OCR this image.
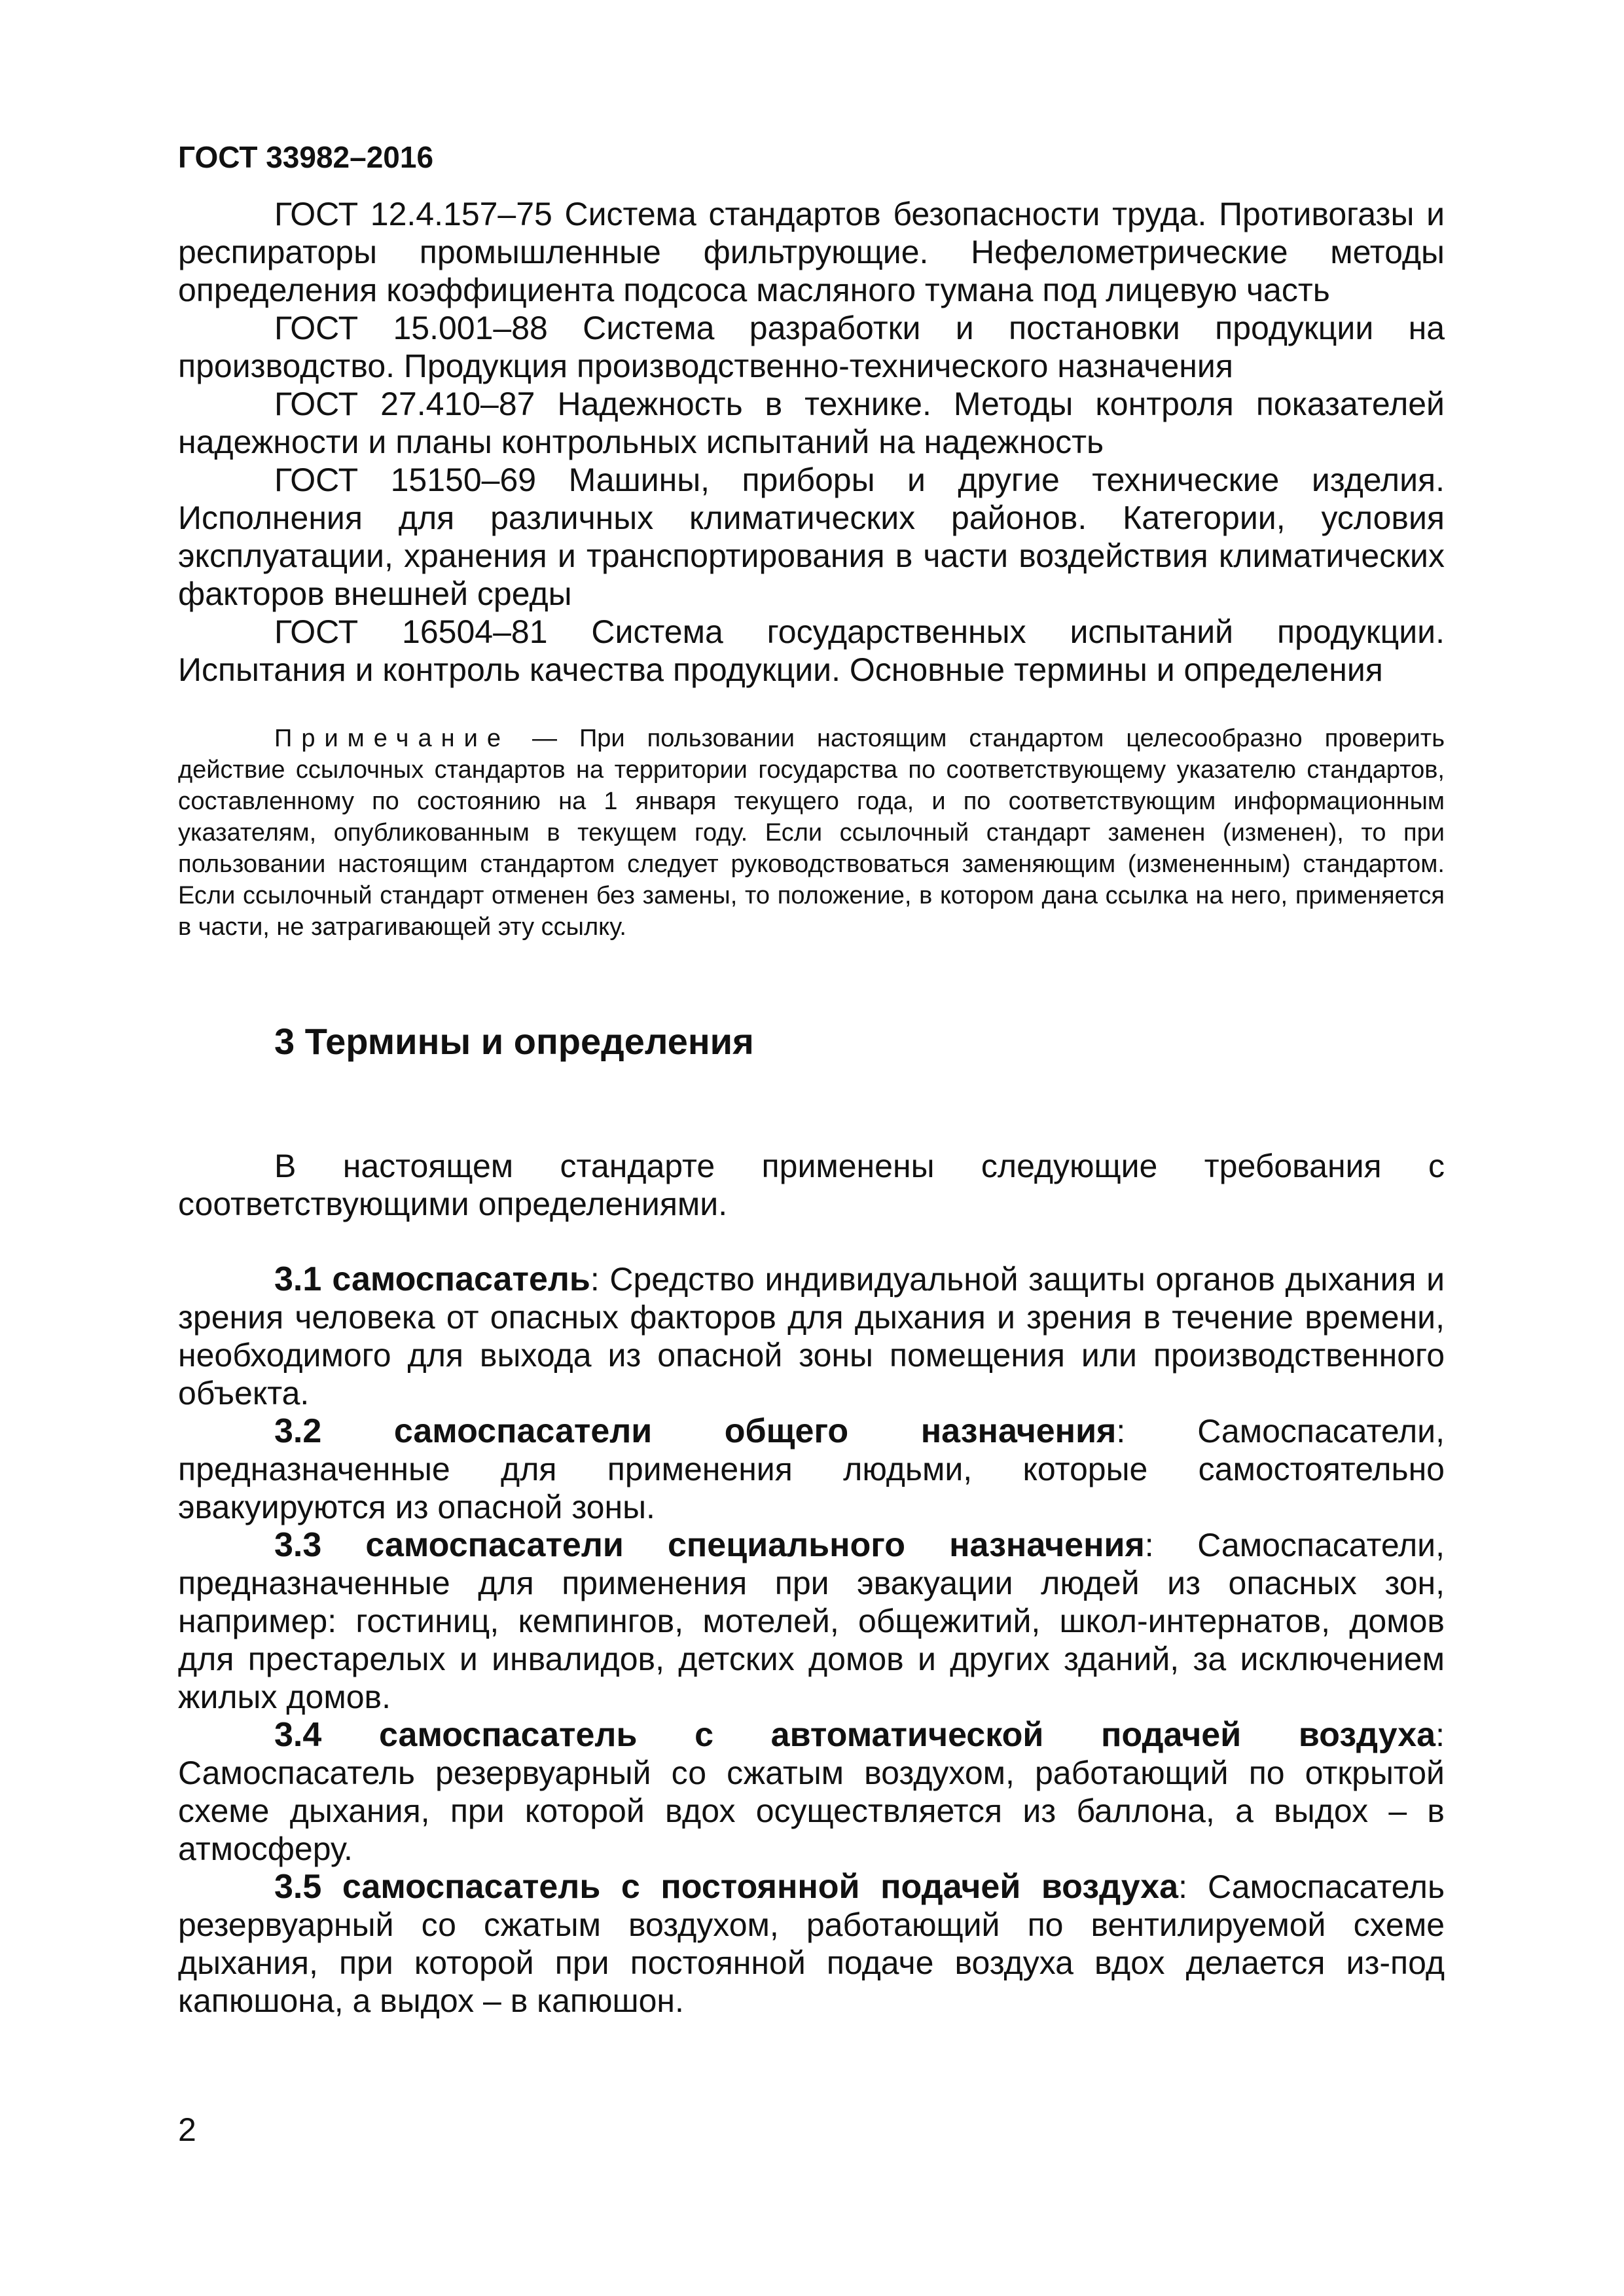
ГОСТ 33982–2016

ГОСТ 12.4.157–75 Система стандартов безопасности труда. Противогазы и респираторы промышленные фильтрующие. Нефелометрические методы определения коэффициента подсоса масляного тумана под лицевую часть

ГОСТ 15.001–88 Система разработки и постановки продукции на производство. Продукция производственно-технического назначения

ГОСТ 27.410–87 Надежность в технике. Методы контроля показателей надежности и планы контрольных испытаний на надежность

ГОСТ 15150–69 Машины, приборы и другие технические изделия. Исполнения для различных климатических районов. Категории, условия эксплуатации, хранения и транспортирования в части воздействия климатических факторов внешней среды

ГОСТ 16504–81 Система государственных испытаний продукции. Испытания и контроль качества продукции. Основные термины и определения

Примечание — При пользовании настоящим стандартом целесообразно проверить действие ссылочных стандартов на территории государства по соответствующему указателю стандартов, составленному по состоянию на 1 января текущего года, и по соответствующим информационным указателям, опубликованным в текущем году. Если ссылочный стандарт заменен (изменен), то при пользовании настоящим стандартом следует руководствоваться заменяющим (измененным) стандартом. Если ссылочный стандарт отменен без замены, то положение, в котором дана ссылка на него, применяется в части, не затрагивающей эту ссылку.

3 Термины и определения

В настоящем стандарте применены следующие требования с соответствующими определениями.

3.1 самоспасатель: Средство индивидуальной защиты органов дыхания и зрения человека от опасных факторов для дыхания и зрения в течение времени, необходимого для выхода из опасной зоны помещения или производственного объекта.

3.2 самоспасатели общего назначения: Самоспасатели, предназначенные для применения людьми, которые самостоятельно эвакуируются из опасной зоны.

3.3 самоспасатели специального назначения: Самоспасатели, предназначенные для применения при эвакуации людей из опасных зон, например: гостиниц, кемпингов, мотелей, общежитий, школ-интернатов, домов для престарелых и инвалидов, детских домов и других зданий, за исключением жилых домов.

3.4 самоспасатель с автоматической подачей воздуха: Самоспасатель резервуарный со сжатым воздухом, работающий по открытой схеме дыхания, при которой вдох осуществляется из баллона, а выдох – в атмосферу.

3.5 самоспасатель с постоянной подачей воздуха: Самоспасатель резервуарный со сжатым воздухом, работающий по вентилируемой схеме дыхания, при которой при постоянной подаче воздуха вдох делается из-под капюшона, а выдох – в капюшон.

2
